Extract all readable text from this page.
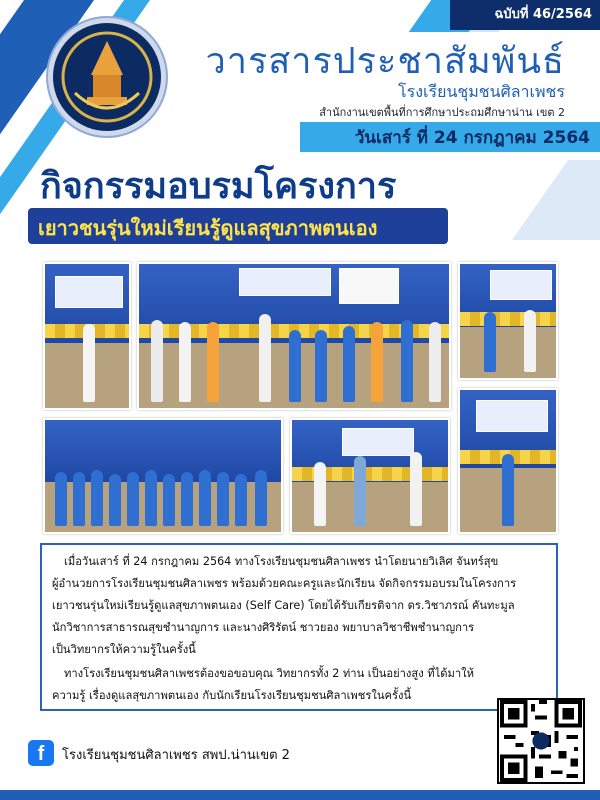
ฉบับที่ 46/2564
วารสารประชาสัมพันธ์
โรงเรียนชุมชนศิลาเพชร
สำนักงานเขตพื้นที่การศึกษาประถมศึกษาน่าน เขต 2
วันเสาร์ ที่ 24 กรกฎาคม 2564
กิจกรรมอบรมโครงการ
เยาวชนรุ่นใหม่เรียนรู้ดูแลสุขภาพตนเอง
เมื่อวันเสาร์ ที่ 24 กรกฎาคม 2564 ทางโรงเรียนชุมชนศิลาเพชร นำโดยนายวิเลิศ จันทร์สุข
ผู้อำนวยการโรงเรียนชุมชนศิลาเพชร พร้อมด้วยคณะครูและนักเรียน จัดกิจกรรมอบรมในโครงการ
เยาวชนรุ่นใหม่เรียนรู้ดูแลสุขภาพตนเอง (Self Care) โดยได้รับเกียรติจาก ดร.วิชาภรณ์ คันทะมูล
นักวิชาการสาธารณสุขชำนาญการ และนางศิริรัตน์ ชาวยอง พยาบาลวิชาชีพชำนาญการ
เป็นวิทยากรให้ความรู้ในครั้งนี้
ทางโรงเรียนชุมชนศิลาเพชรต้องขอขอบคุณ วิทยากรทั้ง 2 ท่าน เป็นอย่างสูง ที่ได้มาให้
ความรู้ เรื่องดูแลสุขภาพตนเอง กับนักเรียนโรงเรียนชุมชนศิลาเพชรในครั้งนี้
f	โรงเรียนชุมชนศิลาเพชร สพป.น่านเขต 2
